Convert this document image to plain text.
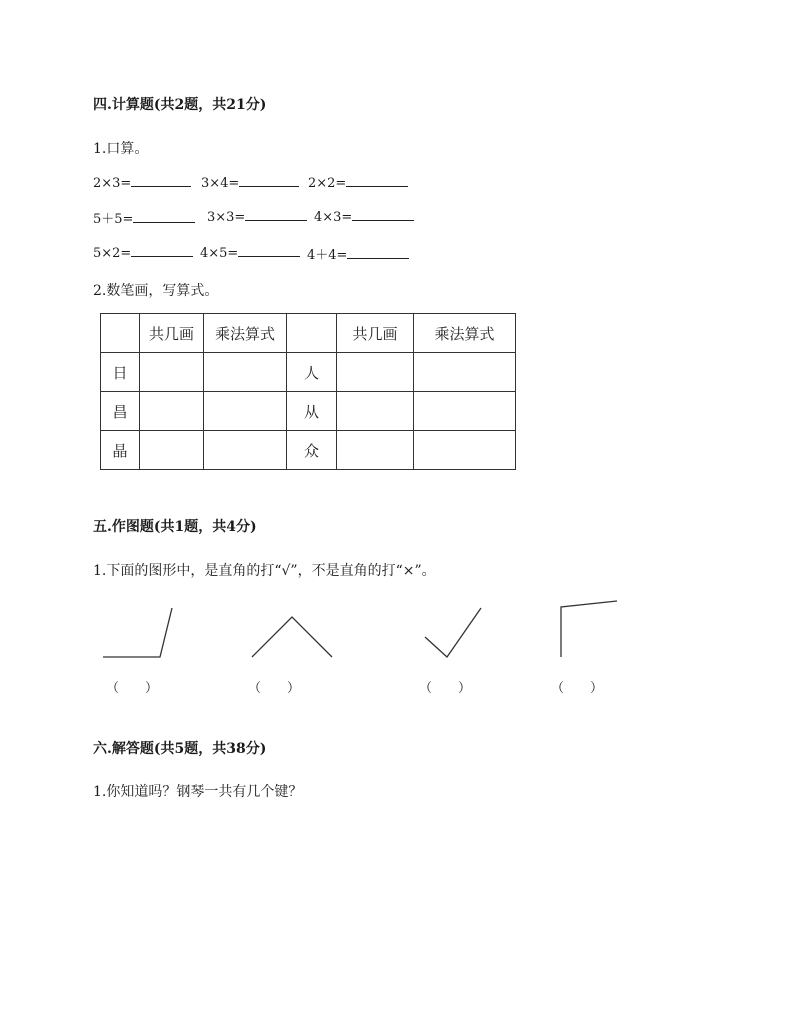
四.计算题(共2题，共21分)
1.口算。
2×3=	3×4=	2×2=
5＋5=	3×3=	4×3=
5×2=	4×5=	4＋4=
2.数笔画，写算式。
	共几画	乘法算式		共几画	乘法算式
日			人		
昌			从		
晶			众		
五.作图题(共1题，共4分)
1.下面的图形中，是直角的打“√”，不是直角的打“×”。
（　　）	（　　）	（　　）	（　　）
六.解答题(共5题，共38分)
1.你知道吗？钢琴一共有几个键？
